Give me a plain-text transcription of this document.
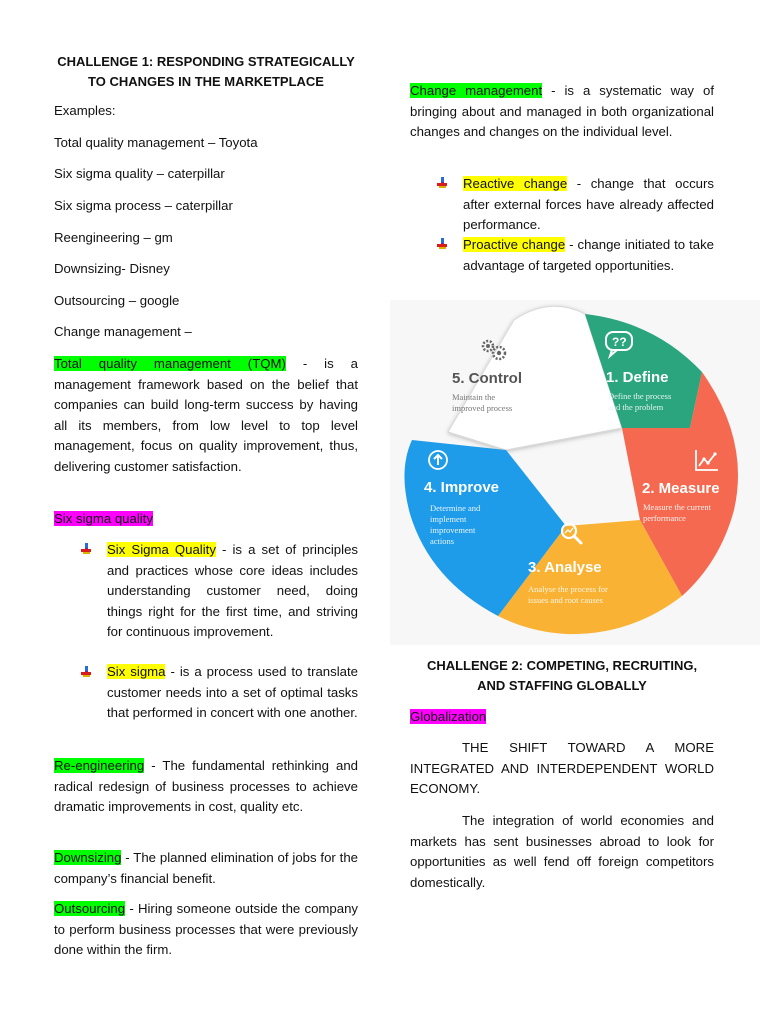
CHALLENGE 1: RESPONDING STRATEGICALLY

TO CHANGES IN THE MARKETPLACE

Examples:

Total quality management – Toyota

Six sigma quality – caterpillar

Six sigma process – caterpillar

Reengineering – gm

Downsizing- Disney

Outsourcing – google

Change management –

Total quality management (TQM) - is a management framework based on the belief that companies can build long-term success by having all its members, from low level to top level management, focus on quality improvement, thus, delivering customer satisfaction.

Six sigma quality

Six Sigma Quality - is a set of principles and practices whose core ideas includes understanding customer need, doing things right for the first time, and striving for continuous improvement.

Six sigma - is a process used to translate customer needs into a set of optimal tasks that performed in concert with one another.

Re-engineering - The fundamental rethinking and radical redesign of business processes to achieve dramatic improvements in cost, quality etc.

Downsizing - The planned elimination of jobs for the company’s financial benefit.

Outsourcing - Hiring someone outside the company to perform business processes that were previously done within the firm.

Change management - is a systematic way of bringing about and managed in both organizational changes and changes on the individual level.

Reactive change - change that occurs after external forces have already affected performance.

Proactive change - change initiated to take advantage of targeted opportunities.

CHALLENGE 2: COMPETING, RECRUITING,

AND STAFFING GLOBALLY

Globalization

THE SHIFT TOWARD A MORE INTEGRATED AND INTERDEPENDENT WORLD ECONOMY.

The integration of world economies and markets has sent businesses abroad to look for opportunities as well fend off foreign competitors domestically.

5. Control
Maintain the
improved process
??
1. Define
Define the process
and the problem
2. Measure
Measure the current
performance
3. Analyse
Analyse the process for
issues and root causes
4. Improve
Determine and
implement
improvement
actions
